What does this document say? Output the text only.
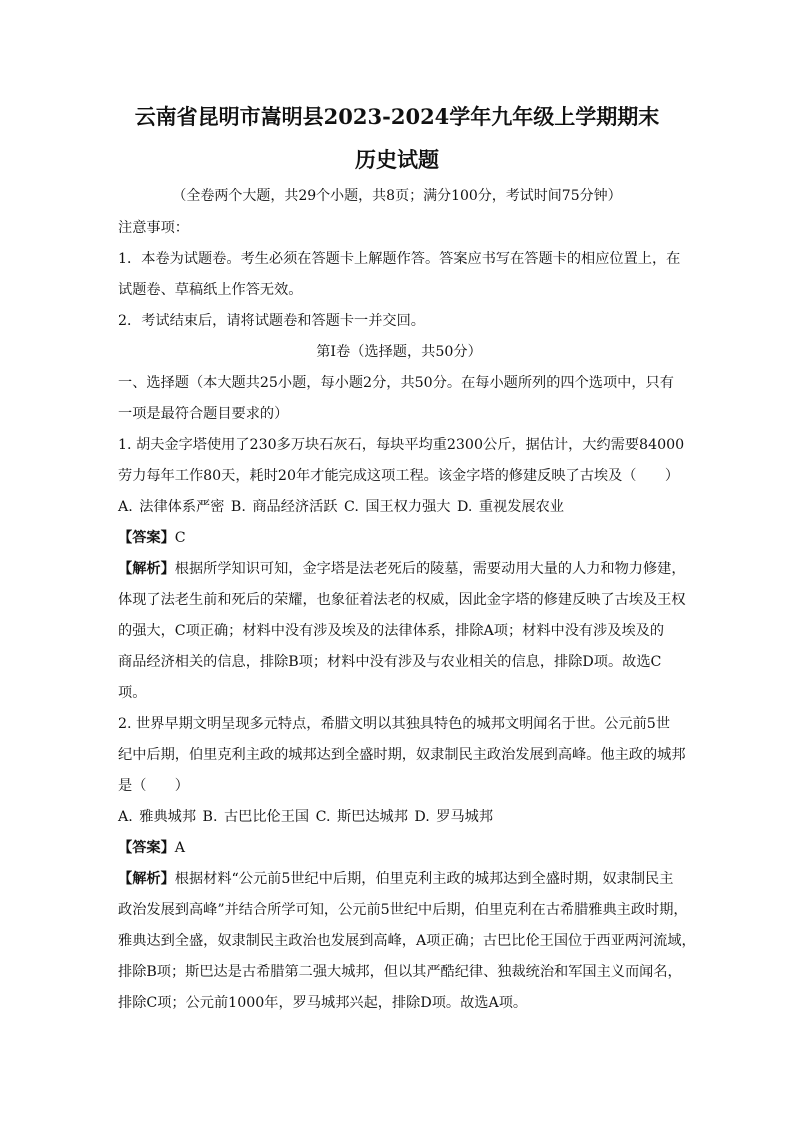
云南省昆明市嵩明县2023-2024学年九年级上学期期末
历史试题
（全卷两个大题，共29个小题，共8页；满分100分，考试时间75分钟）
注意事项：
1．本卷为试题卷。考生必须在答题卡上解题作答。答案应书写在答题卡的相应位置上，在
试题卷、草稿纸上作答无效。
2．考试结束后，请将试题卷和答题卡一并交回。
第Ⅰ卷（选择题，共50分）
一、选择题（本大题共25小题，每小题2分，共50分。在每小题所列的四个选项中，只有
一项是最符合题目要求的）
1. 胡夫金字塔使用了230多万块石灰石，每块平均重2300公斤，据估计，大约需要84000
劳力每年工作80天，耗时20年才能完成这项工程。该金字塔的修建反映了古埃及（　　）
A. 法律体系严密 B. 商品经济活跃 C. 国王权力强大 D. 重视发展农业
【答案】C
【解析】根据所学知识可知，金字塔是法老死后的陵墓，需要动用大量的人力和物力修建，
体现了法老生前和死后的荣耀，也象征着法老的权威，因此金字塔的修建反映了古埃及王权
的强大，C项正确；材料中没有涉及埃及的法律体系，排除A项；材料中没有涉及埃及的
商品经济相关的信息，排除B项；材料中没有涉及与农业相关的信息，排除D项。故选C
项。
2. 世界早期文明呈现多元特点，希腊文明以其独具特色的城邦文明闻名于世。公元前5世
纪中后期，伯里克利主政的城邦达到全盛时期，奴隶制民主政治发展到高峰。他主政的城邦
是（　　）
A. 雅典城邦 B. 古巴比伦王国 C. 斯巴达城邦 D. 罗马城邦
【答案】A
【解析】根据材料“公元前5世纪中后期，伯里克利主政的城邦达到全盛时期，奴隶制民主
政治发展到高峰”并结合所学可知，公元前5世纪中后期，伯里克利在古希腊雅典主政时期，
雅典达到全盛，奴隶制民主政治也发展到高峰，A项正确；古巴比伦王国位于西亚两河流域，
排除B项；斯巴达是古希腊第二强大城邦，但以其严酷纪律、独裁统治和军国主义而闻名，
排除C项；公元前1000年，罗马城邦兴起，排除D项。故选A项。
